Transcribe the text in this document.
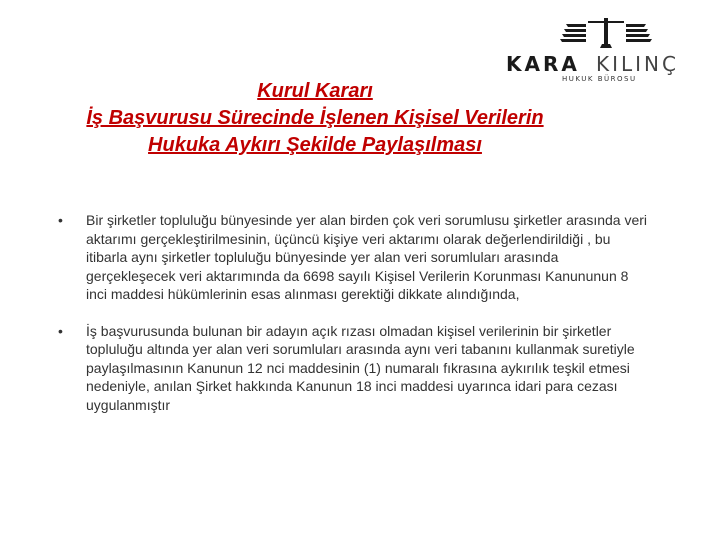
KARA KILINÇ
HUKUK BÜROSU
Kurul Kararı
İş Başvurusu Sürecinde İşlenen Kişisel Verilerin
Hukuka Aykırı Şekilde Paylaşılması
• Bir şirketler topluluğu bünyesinde yer alan birden çok veri sorumlusu şirketler arasında veri aktarımı gerçekleştirilmesinin, üçüncü kişiye veri aktarımı olarak değerlendirildiği , bu itibarla aynı şirketler topluluğu bünyesinde yer alan veri sorumluları arasında gerçekleşecek veri aktarımında da 6698 sayılı Kişisel Verilerin Korunması Kanununun 8 inci maddesi hükümlerinin esas alınması gerektiği dikkate alındığında,
• İş başvurusunda bulunan bir adayın açık rızası olmadan kişisel verilerinin bir şirketler topluluğu altında yer alan veri sorumluları arasında aynı veri tabanını kullanmak suretiyle paylaşılmasının Kanunun 12 nci maddesinin (1) numaralı fıkrasına aykırılık teşkil etmesi nedeniyle, anılan Şirket hakkında Kanunun 18 inci maddesi uyarınca idari para cezası uygulanmıştır
